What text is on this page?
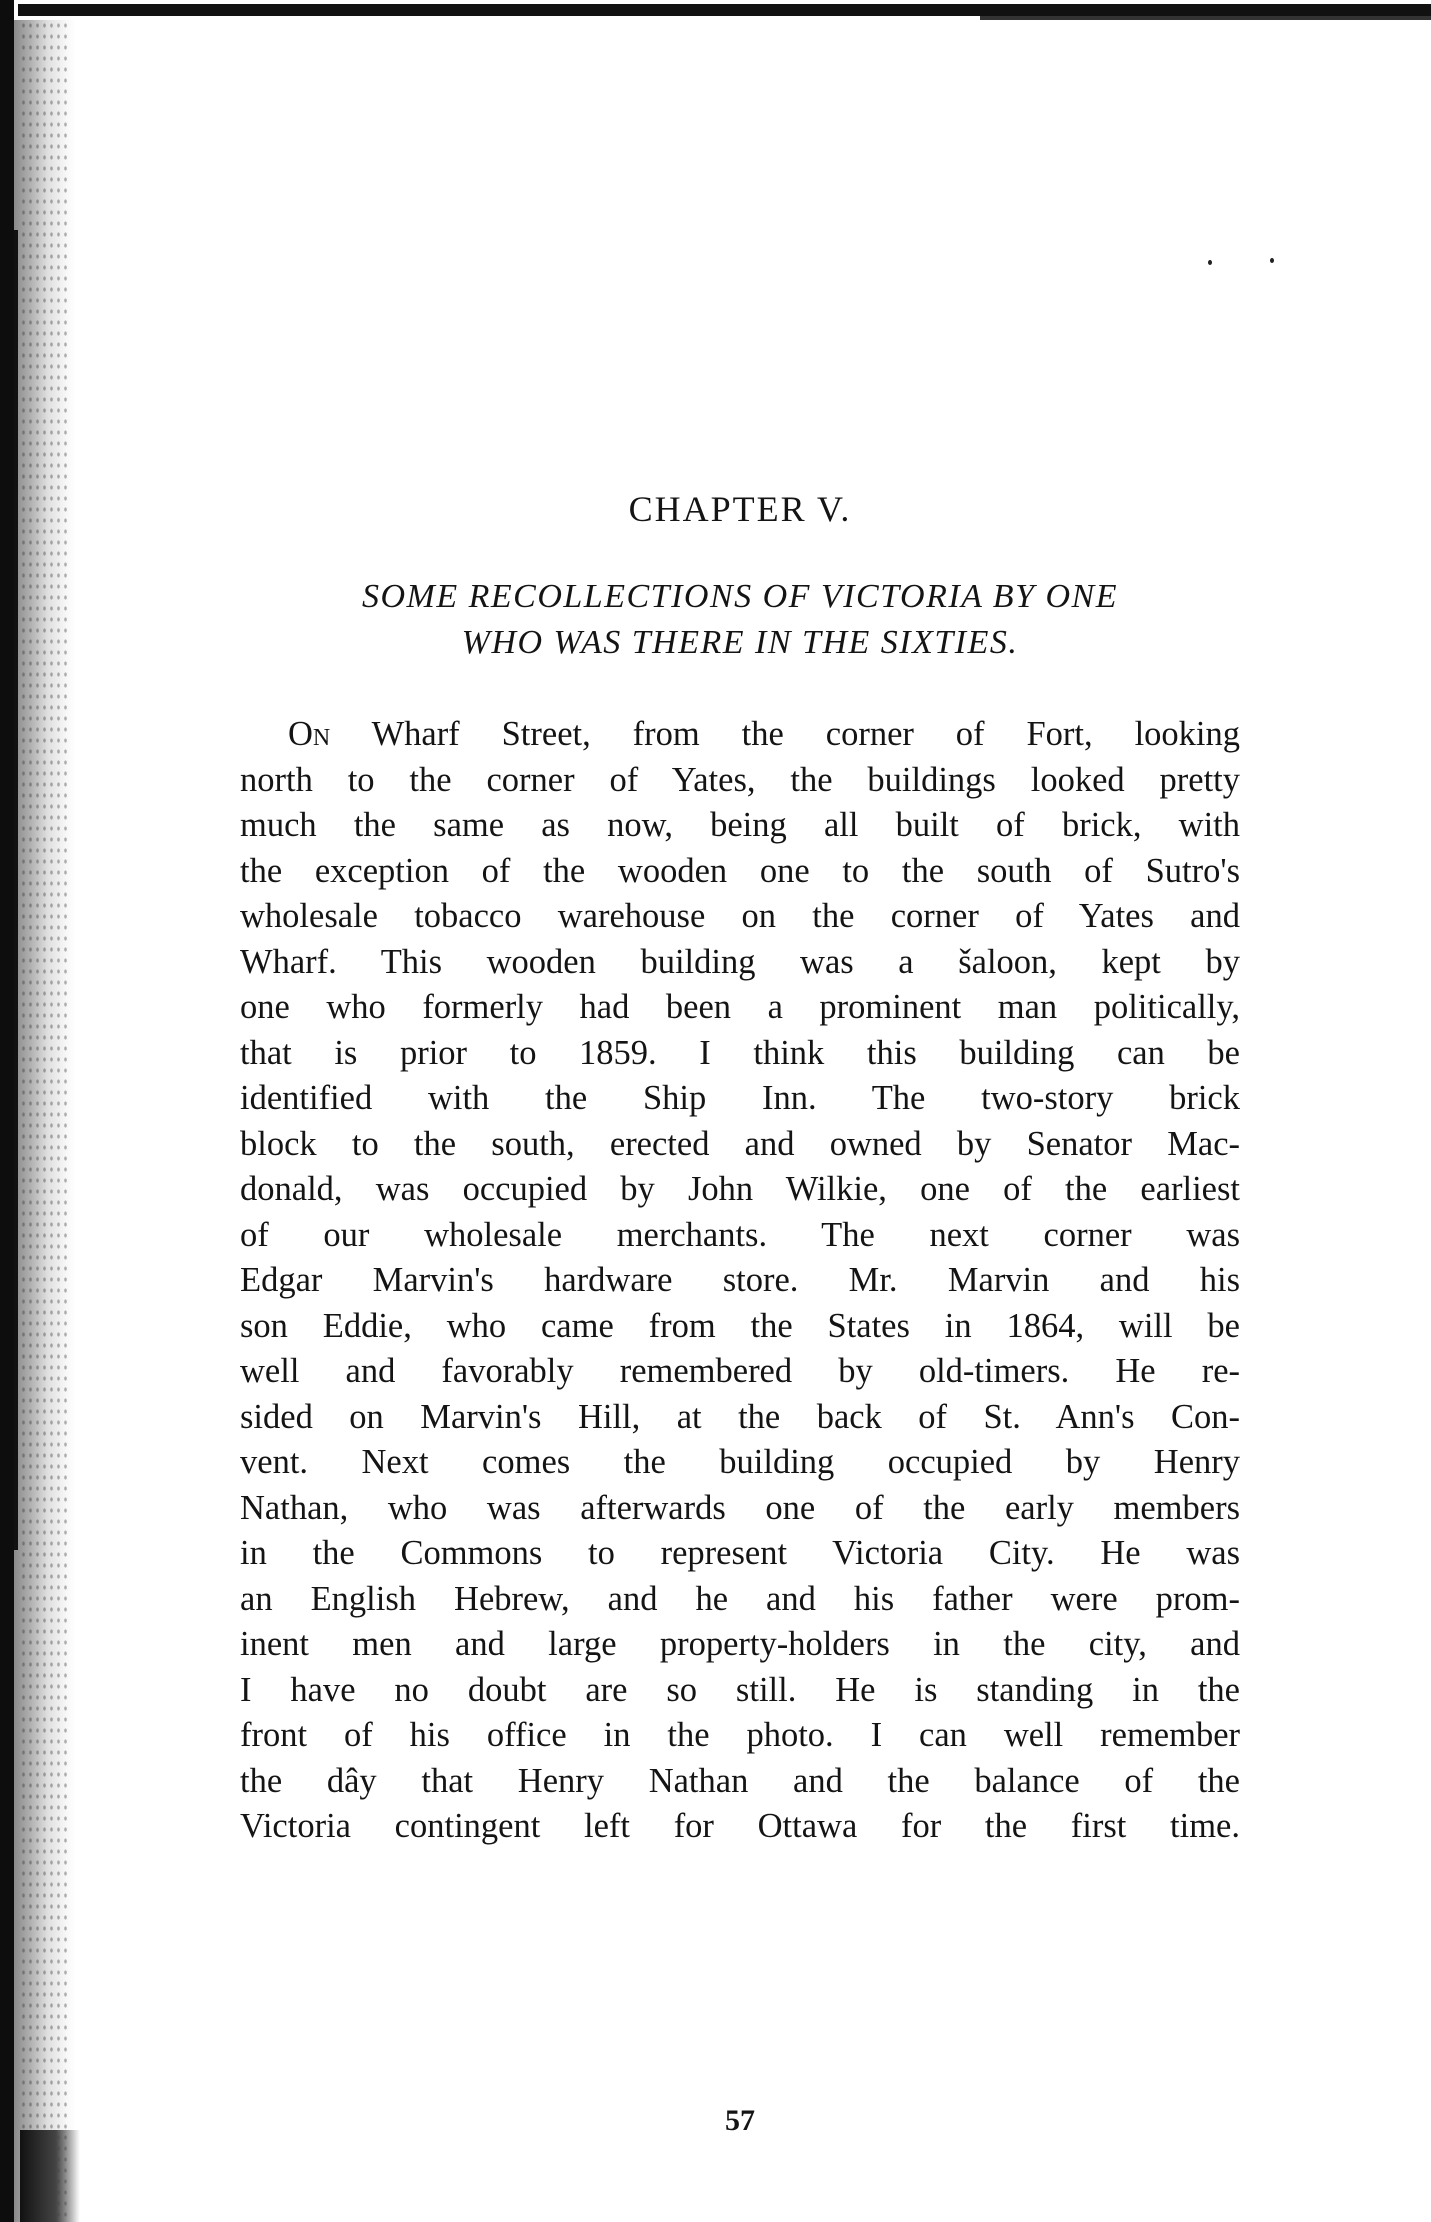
CHAPTER V.
SOME RECOLLECTIONS OF VICTORIA BY ONE
WHO WAS THERE IN THE SIXTIES.
On Wharf Street, from the corner of Fort, looking
north to the corner of Yates, the buildings looked pretty
much the same as now, being all built of brick, with
the exception of the wooden one to the south of Sutro's
wholesale tobacco warehouse on the corner of Yates and
Wharf. This wooden building was a šaloon, kept by
one who formerly had been a prominent man politically,
that is prior to 1859. I think this building can be
identified with the Ship Inn. The two-story brick
block to the south, erected and owned by Senator Mac-
donald, was occupied by John Wilkie, one of the earliest
of our wholesale merchants. The next corner was
Edgar Marvin's hardware store. Mr. Marvin and his
son Eddie, who came from the States in 1864, will be
well and favorably remembered by old-timers. He re-
sided on Marvin's Hill, at the back of St. Ann's Con-
vent. Next comes the building occupied by Henry
Nathan, who was afterwards one of the early members
in the Commons to represent Victoria City. He was
an English Hebrew, and he and his father were prom-
inent men and large property-holders in the city, and
I have no doubt are so still. He is standing in the
front of his office in the photo. I can well remember
the dây that Henry Nathan and the balance of the
Victoria contingent left for Ottawa for the first time.
57
